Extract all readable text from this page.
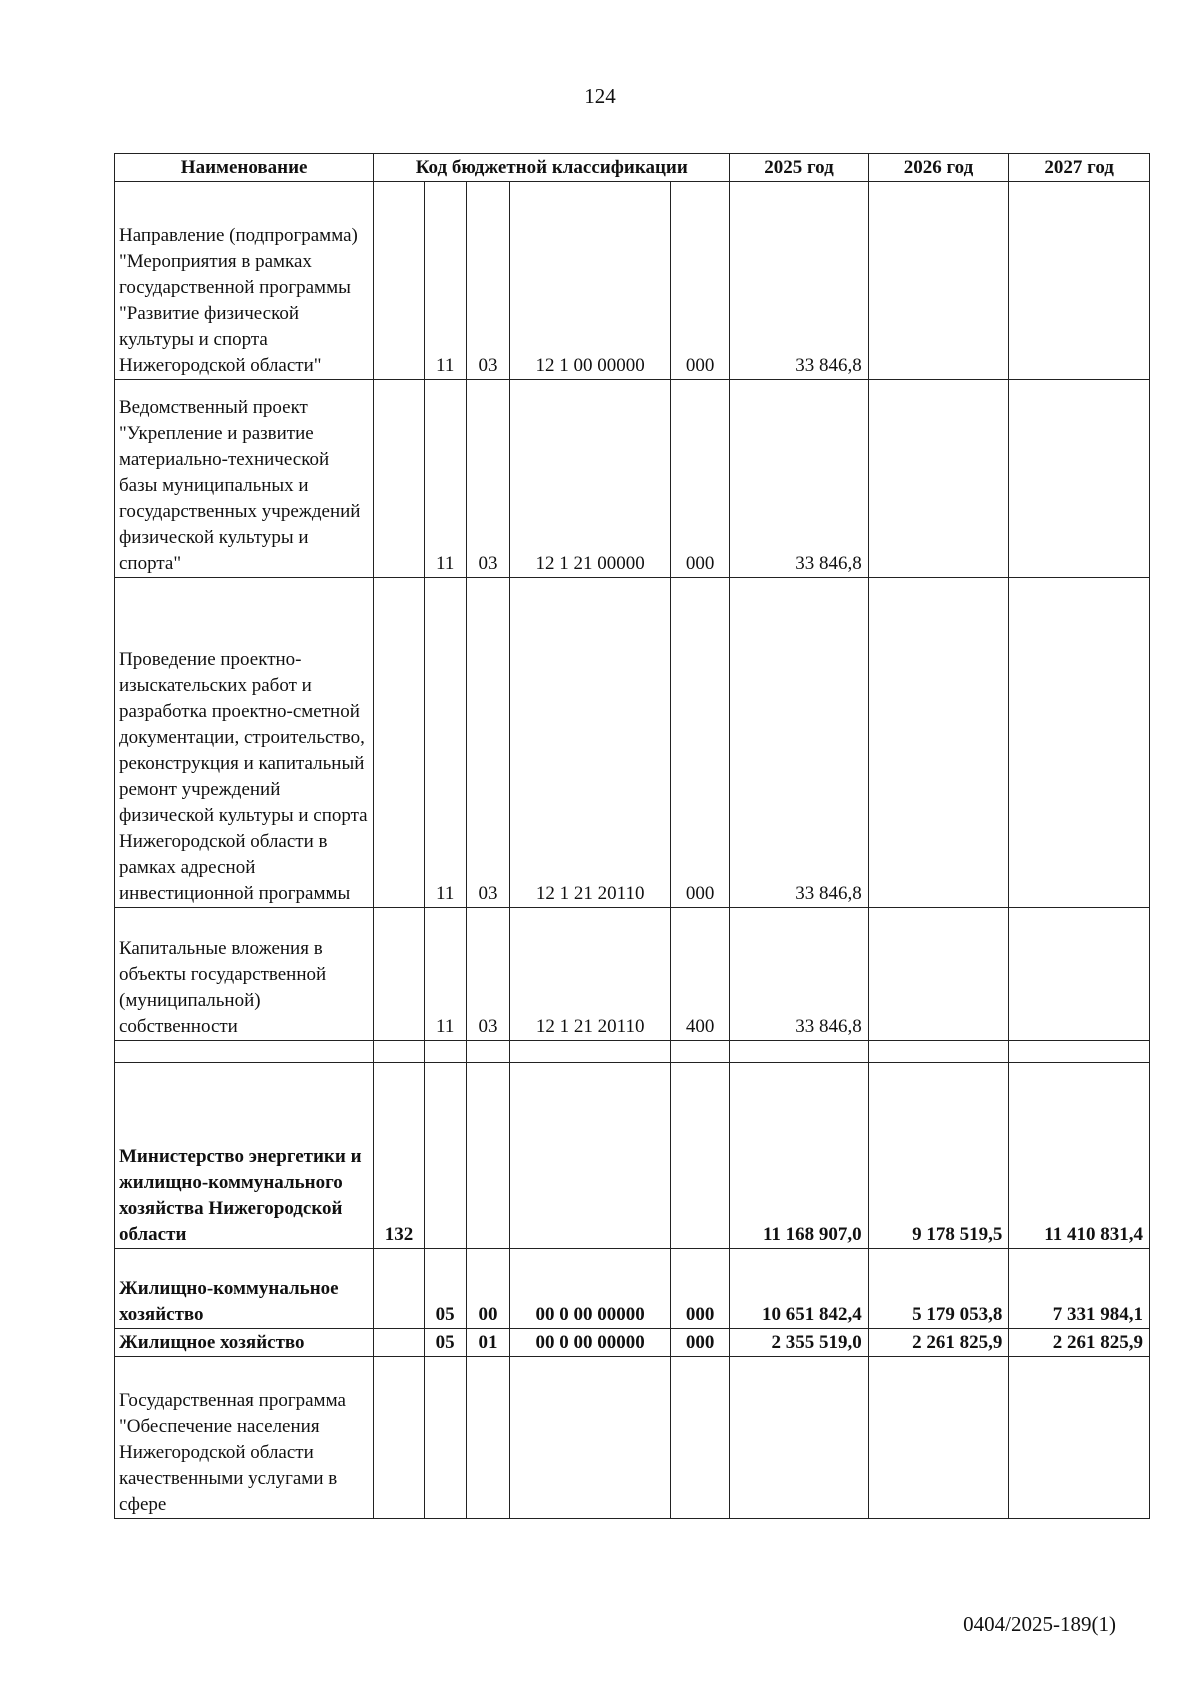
124
Наименование	Код бюджетной классификации					2025 год	2026 год	2027 год
Направление (подпрограмма) "Мероприятия в рамках государственной программы "Развитие физической культуры и спорта Нижегородской области"		11	03	12 1 00 00000	000	33 846,8		
Ведомственный проект "Укрепление и развитие материально-технической базы муниципальных и государственных учреждений физической культуры и спорта"		11	03	12 1 21 00000	000	33 846,8		
Проведение проектно-изыскательских работ и разработка проектно-сметной документации, строительство, реконструкция и капитальный ремонт учреждений физической культуры и спорта Нижегородской области в рамках адресной инвестиционной программы		11	03	12 1 21 20110	000	33 846,8		
Капитальные вложения в объекты государственной (муниципальной) собственности		11	03	12 1 21 20110	400	33 846,8		

Министерство энергетики и жилищно-коммунального хозяйства Нижегородской области	132					11 168 907,0	9 178 519,5	11 410 831,4
Жилищно-коммунальное хозяйство		05	00	00 0 00 00000	000	10 651 842,4	5 179 053,8	7 331 984,1
Жилищное хозяйство		05	01	00 0 00 00000	000	2 355 519,0	2 261 825,9	2 261 825,9
Государственная программа "Обеспечение населения Нижегородской области качественными услугами в сфере								
0404/2025-189(1)
